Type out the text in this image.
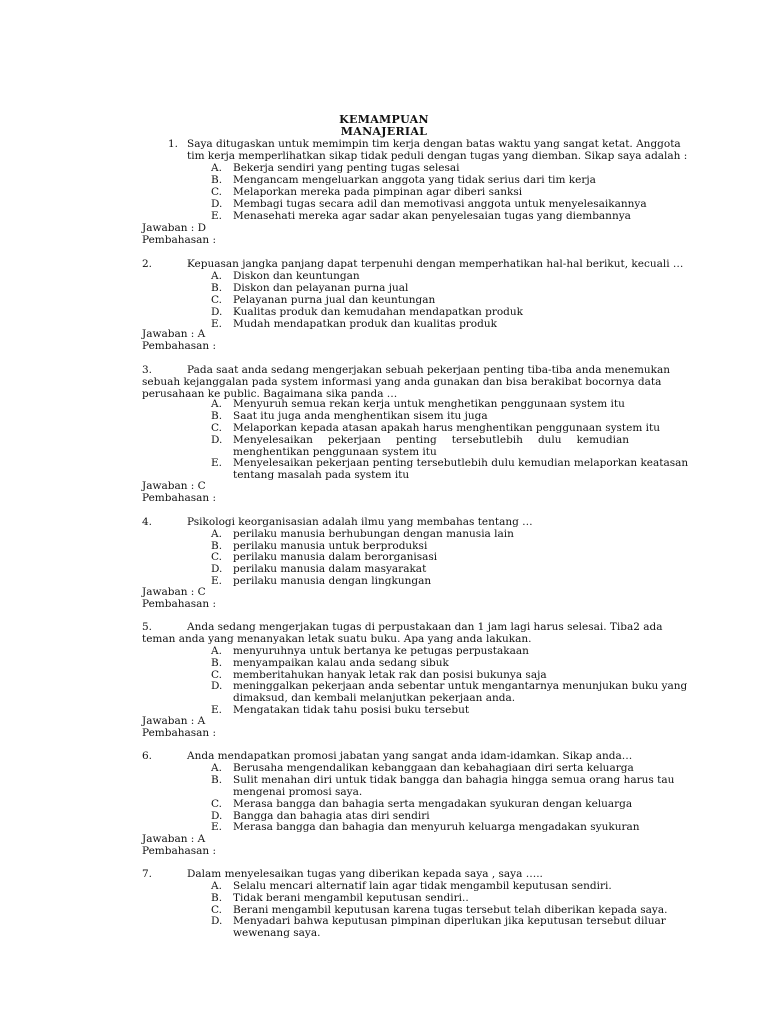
KEMAMPUAN
MANAJERIAL
1. Saya ditugaskan untuk memimpin tim kerja dengan batas waktu yang sangat ketat. Anggota
tim kerja memperlihatkan sikap tidak peduli dengan tugas yang diemban. Sikap saya adalah :
A. Bekerja sendiri yang penting tugas selesai
B. Mengancam mengeluarkan anggota yang tidak serius dari tim kerja
C. Melaporkan mereka pada pimpinan agar diberi sanksi
D. Membagi tugas secara adil dan memotivasi anggota untuk menyelesaikannya
E. Menasehati mereka agar sadar akan penyelesaian tugas yang diembannya
Jawaban : D
Pembahasan :
2.	Kepuasan jangka panjang dapat terpenuhi dengan memperhatikan hal-hal berikut, kecuali …
A. Diskon dan keuntungan
B. Diskon dan pelayanan purna jual
C. Pelayanan purna jual dan keuntungan
D. Kualitas produk dan kemudahan mendapatkan produk
E. Mudah mendapatkan produk dan kualitas produk
Jawaban : A
Pembahasan :
3.	Pada saat anda sedang mengerjakan sebuah pekerjaan penting tiba-tiba anda menemukan
sebuah kejanggalan pada system informasi yang anda gunakan dan bisa berakibat bocornya data
perusahaan ke public. Bagaimana sika panda …
A. Menyuruh semua rekan kerja untuk menghetikan penggunaan system itu
B. Saat itu juga anda menghentikan sisem itu juga
C. Melaporkan kepada atasan apakah harus menghentikan penggunaan system itu
D. Menyelesaikan pekerjaan penting tersebutlebih dulu kemudian
menghentikan penggunaan system itu
E. Menyelesaikan pekerjaan penting tersebutlebih dulu kemudian melaporkan keatasan
tentang masalah pada system itu
Jawaban : C
Pembahasan :
4.	Psikologi keorganisasian adalah ilmu yang membahas tentang …
A. perilaku manusia berhubungan dengan manusia lain
B. perilaku manusia untuk berproduksi
C. perilaku manusia dalam berorganisasi
D. perilaku manusia dalam masyarakat
E. perilaku manusia dengan lingkungan
Jawaban : C
Pembahasan :
5.	Anda sedang mengerjakan tugas di perpustakaan dan 1 jam lagi harus selesai. Tiba2 ada
teman anda yang menanyakan letak suatu buku. Apa yang anda lakukan.
A. menyuruhnya untuk bertanya ke petugas perpustakaan
B. menyampaikan kalau anda sedang sibuk
C. memberitahukan hanyak letak rak dan posisi bukunya saja
D. meninggalkan pekerjaan anda sebentar untuk mengantarnya menunjukan buku yang
dimaksud, dan kembali melanjutkan pekerjaan anda.
E. Mengatakan tidak tahu posisi buku tersebut
Jawaban : A
Pembahasan :
6.	Anda mendapatkan promosi jabatan yang sangat anda idam-idamkan. Sikap anda…
A. Berusaha mengendalikan kebanggaan dan kebahagiaan diri serta keluarga
B. Sulit menahan diri untuk tidak bangga dan bahagia hingga semua orang harus tau
mengenai promosi saya.
C. Merasa bangga dan bahagia serta mengadakan syukuran dengan keluarga
D. Bangga dan bahagia atas diri sendiri
E. Merasa bangga dan bahagia dan menyuruh keluarga mengadakan syukuran
Jawaban : A
Pembahasan :
7.	Dalam menyelesaikan tugas yang diberikan kepada saya , saya …..
A. Selalu mencari alternatif lain agar tidak mengambil keputusan sendiri.
B. Tidak berani mengambil keputusan sendiri..
C. Berani mengambil keputusan karena tugas tersebut telah diberikan kepada saya.
D. Menyadari bahwa keputusan pimpinan diperlukan jika keputusan tersebut diluar
wewenang saya.
